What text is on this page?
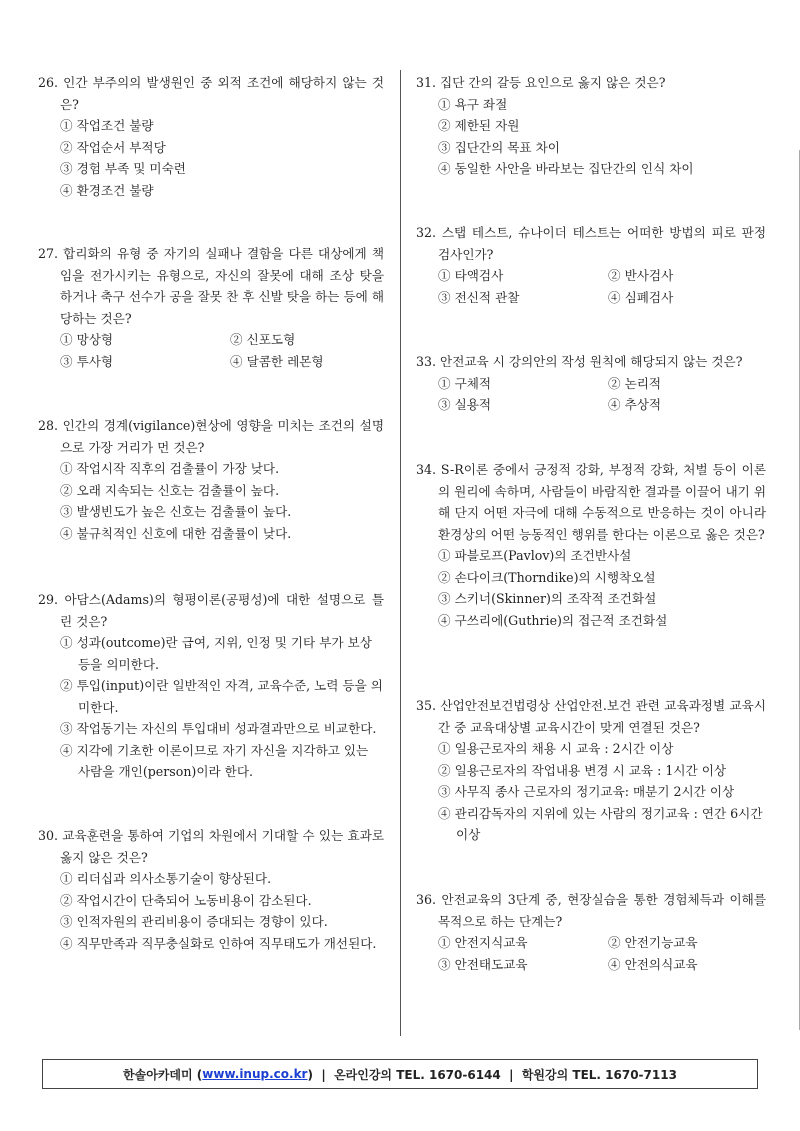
26. 인간 부주의의 발생원인 중 외적 조건에 해당하지 않는 것은?
① 작업조건 불량
② 작업순서 부적당
③ 경험 부족 및 미숙련
④ 환경조건 불량
27. 합리화의 유형 중 자기의 실패나 결함을 다른 대상에게 책임을 전가시키는 유형으로, 자신의 잘못에 대해 조상 탓을 하거나 축구 선수가 공을 잘못 찬 후 신발 탓을 하는 등에 해당하는 것은?
① 망상형	② 신포도형
③ 투사형	④ 달콤한 레몬형
28. 인간의 경계(vigilance)현상에 영향을 미치는 조건의 설명으로 가장 거리가 먼 것은?
① 작업시작 직후의 검출률이 가장 낮다.
② 오래 지속되는 신호는 검출률이 높다.
③ 발생빈도가 높은 신호는 검출률이 높다.
④ 불규칙적인 신호에 대한 검출률이 낮다.
29. 아담스(Adams)의 형평이론(공평성)에 대한 설명으로 틀린 것은?
① 성과(outcome)란 급여, 지위, 인정 및 기타 부가 보상 등을 의미한다.
② 투입(input)이란 일반적인 자격, 교육수준, 노력 등을 의미한다.
③ 작업동기는 자신의 투입대비 성과결과만으로 비교한다.
④ 지각에 기초한 이론이므로 자기 자신을 지각하고 있는 사람을 개인(person)이라 한다.
30. 교육훈련을 통하여 기업의 차원에서 기대할 수 있는 효과로 옳지 않은 것은?
① 리더십과 의사소통기술이 향상된다.
② 작업시간이 단축되어 노동비용이 감소된다.
③ 인적자원의 관리비용이 증대되는 경향이 있다.
④ 직무만족과 직무충실화로 인하여 직무태도가 개선된다.
31. 집단 간의 갈등 요인으로 옳지 않은 것은?
① 욕구 좌절
② 제한된 자원
③ 집단간의 목표 차이
④ 동일한 사안을 바라보는 집단간의 인식 차이
32. 스탭 테스트, 슈나이더 테스트는 어떠한 방법의 피로 판정 검사인가?
① 타액검사	② 반사검사
③ 전신적 관찰	④ 심폐검사
33. 안전교육 시 강의안의 작성 원칙에 해당되지 않는 것은?
① 구체적	② 논리적
③ 실용적	④ 추상적
34. S-R이론 중에서 긍정적 강화, 부정적 강화, 처벌 등이 이론의 원리에 속하며, 사람들이 바람직한 결과를 이끌어 내기 위해 단지 어떤 자극에 대해 수동적으로 반응하는 것이 아니라 환경상의 어떤 능동적인 행위를 한다는 이론으로 옳은 것은?
① 파블로프(Pavlov)의 조건반사설
② 손다이크(Thorndike)의 시행착오설
③ 스키너(Skinner)의 조작적 조건화설
④ 구쓰리에(Guthrie)의 접근적 조건화설
35. 산업안전보건법령상 산업안전.보건 관련 교육과정별 교육시간 중 교육대상별 교육시간이 맞게 연결된 것은?
① 일용근로자의 채용 시 교육 : 2시간 이상
② 일용근로자의 작업내용 변경 시 교육 : 1시간 이상
③ 사무직 종사 근로자의 정기교육: 매분기 2시간 이상
④ 관리감독자의 지위에 있는 사람의 정기교육 : 연간 6시간 이상
36. 안전교육의 3단계 중, 현장실습을 통한 경험체득과 이해를 목적으로 하는 단계는?
① 안전지식교육	② 안전기능교육
③ 안전태도교육	④ 안전의식교육
한솔아카데미 ( www.inup.co.kr )  |  온라인강의 TEL. 1670-6144  |  학원강의 TEL. 1670-7113
